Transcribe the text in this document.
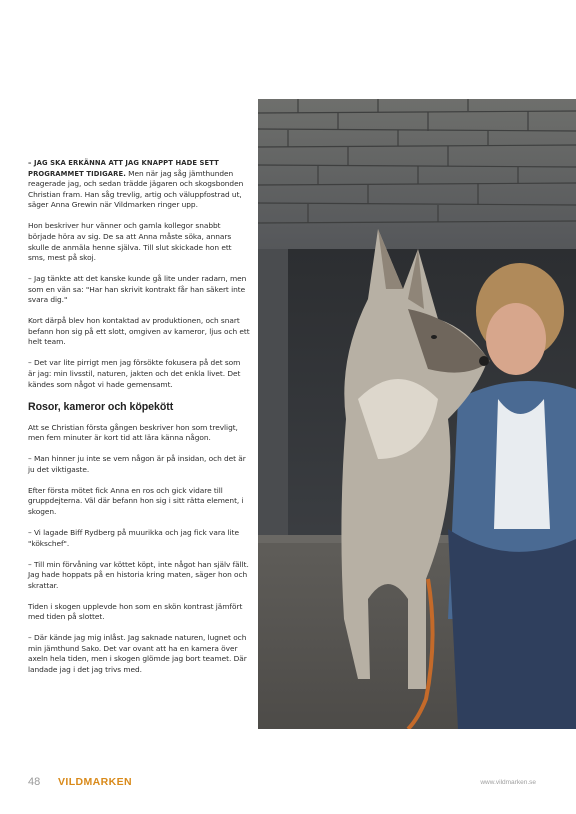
– JAG SKA ERKÄNNA ATT JAG KNAPPT HADE SETT PROGRAMMET TIDIGARE. Men när jag såg jämthunden reagerade jag, och sedan trädde jägaren och skogsbonden Christian fram. Han såg trevlig, artig och väluppfostrad ut, säger Anna Grewin när Vildmarken ringer upp.

Hon beskriver hur vänner och gamla kollegor snabbt började höra av sig. De sa att Anna måste söka, annars skulle de anmäla henne själva. Till slut skickade hon ett sms, mest på skoj.

– Jag tänkte att det kanske kunde gå lite under radarn, men som en vän sa: "Har han skrivit kontrakt får han säkert inte svara dig."

Kort därpå blev hon kontaktad av produktionen, och snart befann hon sig på ett slott, omgiven av kameror, ljus och ett helt team.

– Det var lite pirrigt men jag försökte fokusera på det som är jag: min livsstil, naturen, jakten och det enkla livet. Det kändes som något vi hade gemensamt.

Rosor, kameror och köpekött

Att se Christian första gången beskriver hon som trevligt, men fem minuter är kort tid att lära känna någon.

– Man hinner ju inte se vem någon är på insidan, och det är ju det viktigaste.

Efter första mötet fick Anna en ros och gick vidare till gruppdejterna. Väl där befann hon sig i sitt rätta element, i skogen.

– Vi lagade Biff Rydberg på muurikka och jag fick vara lite "kökschef".

– Till min förvåning var köttet köpt, inte något han själv fällt. Jag hade hoppats på en historia kring maten, säger hon och skrattar.

Tiden i skogen upplevde hon som en skön kontrast jämfört med tiden på slottet.

– Där kände jag mig inlåst. Jag saknade naturen, lugnet och min jämthund Sako. Det var ovant att ha en kamera över axeln hela tiden, men i skogen glömde jag bort teamet. Där landade jag i det jag trivs med.

48 VILDMARKEN	www.vildmarken.se
